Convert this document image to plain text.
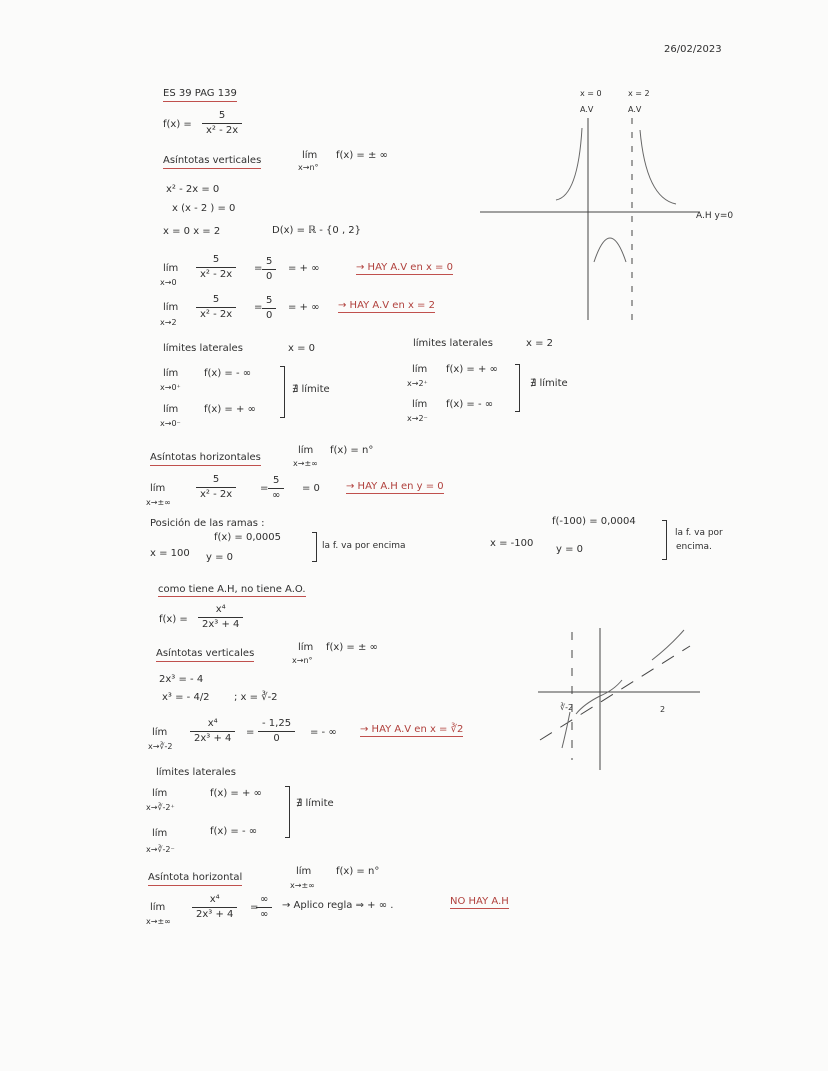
26/02/2023
ES 39 PAG 139
$f(x) = \frac{5}{\text{x² - 2x}}$
Asíntotas verticales	lím
x→n°
f(x) = ± ∞
x² - 2x = 0
x (x - 2 ) = 0
x = 0 x = 2	D(x) = ℝ - {0 , 2}
lím
x→0
$\frac{5}{\text{x² - 2x}} = \frac{5}{0}$ = + ∞	→ HAY A.V en x = 0
lím
x→2
$\frac{5}{\text{x² - 2x}} = \frac{5}{0}$ = + ∞ → HAY A.V en x = 2
límites laterales	x = 0
lím
x→0⁺
f(x) = - ∞
lím
x→0⁻
f(x) = + ∞
∄ límite
límites laterales	x = 2
lím
x→2⁺
f(x) = + ∞
lím
x→2⁻
f(x) = - ∞
∄ límite
Asíntotas horizontales
lím
x→±∞
f(x) = n°
lím
x→±∞
$\frac{5}{\text{x² - 2x}}$ =
5
∞
= 0	→ HAY A.H en y = 0
Posición de las ramas :
f(x) = 0,0005
x = 100 y = 0
la f. va por encima
f(-100) = 0,0004
x = -100
y = 0
la f. va por
encima.
como tiene A.H, no tiene A.O.
x = 0
A.V
x = 2
A.V
A.H y=0
$f(x) = \frac{\text{x⁴}}{\text{2x³ + 4}}$
Asíntotas verticales
lím
x→n°
f(x) = ± ∞
2x³ = - 4
x³ = - 4/2 ; x = ∛-2
lím
x→∛-2
$\frac{\text{x⁴}}{\text{2x³ + 4}} = \frac{- 1,25}{0}$ = - ∞ → HAY A.V en x = ∛2
límites laterales
lím
x→∛-2⁺
f(x) = + ∞
lím
x→∛-2⁻
f(x) = - ∞
∄ límite
Asíntota horizontal
lím
x→±∞
f(x) = n°
lím
x→±∞
$\frac{\text{x⁴}}{\text{2x³ + 4}}$ =
∞
∞
→ Aplico regla ⇒ + ∞ .	NO HAY A.H
∛-2	2
